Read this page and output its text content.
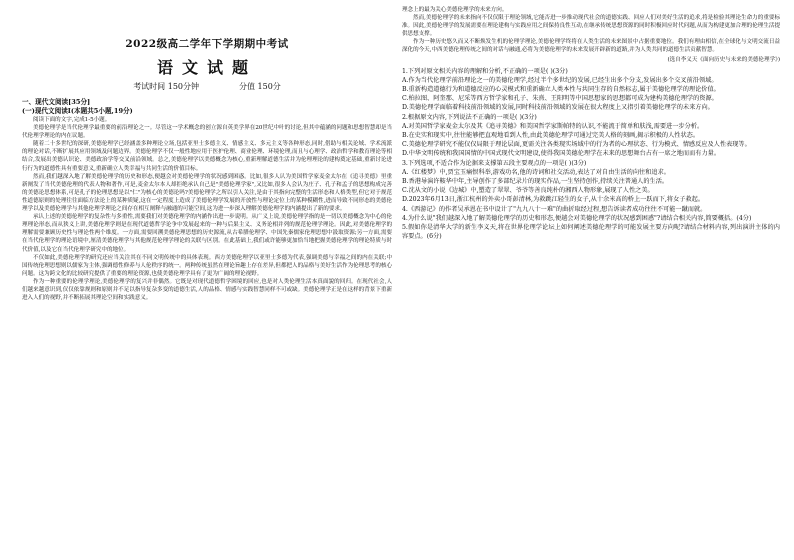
2022级高二学年下学期期中考试
语文试题
考试时间 150分钟	分值 150分

一、现代文阅读[35分]

(一)现代文阅读I(本题共5小题,19分)

阅读下面的文字,完成1-5小题。

美德伦理学是当代伦理学最重要的前沿理论之一。尽管这一学术概念的创立源自英美学界在20世纪中叶的讨论,但其中蕴涵的问题和思想智慧却是当代伦理学理论的内在议题。

随着二十多世纪的深研,美德伦理学已经涵盖多种理论立场,包括亚里士多德主义、情感主义、多元主义等各种形态,同时,借助与相关论域、学术流派的理论对话,不断扩展其应用领域及问题边界。美德伦理学不仅一般性地应用于医护伦理、商业伦理、环境伦理,而且与心理学、政治哲学和教育理论等相结合,发展出美德认识论、美德政治学等交叉前沿领域。总之,美德伦理学以美德概念为核心,重新理解道德生活并为伦理理论的建构奠定基础,重新讨论进行行为的道德性具有重要意义,重新确立人类幸福与共同生活的价值目标。

然而,我们越深入地了解美德伦理学的历史和形态,便越会对美德伦理学的状况感到困惑。比如,很多人认为美国哲学家麦金太尔在《追寻美德》里重新阐发了当代美德伦理的代表人物和著作,可是,麦金太尔本人却拒绝承认自己是"美德伦理学家",又比如,很多人会认为庄子、孔子和孟子的思想构成完善的美德论思想体系,可是孔子的伦理思想是以"仁"为核心的美德论吗?美德伦理学之所以引人关注,是由于其指向完整的生活形态和人格类型,但它对于规范性道德原则的处理往往面临方法论上的某种质疑,这在一定程度上造成了美德伦理学发展的开放性与理论定位上的某种模糊性,进而导致不同形态的美德伦理学以及美德伦理学与其他伦理学理论之间存在相互阐释与融通的可能空间,这为进一步深入理解美德伦理学的内涵提出了新的要求。

承认上述的美德伦理学的复杂性与多重性,需要我们对美德伦理学的内涵作出进一步说明。从广义上说,美德伦理学指的是一切以美德概念为中心的伦理理论形态,而从狭义上讲,美德伦理学则是在现代道德哲学论争中发展起来的一种与后果主义、义务论相并列的规范伦理学理论。因此,对美德伦理学的理解需要兼顾历史性与理论性两个维度。一方面,需要回溯美德伦理思想的历史源流,从古希腊伦理学、中国先秦儒家伦理思想中汲取资源;另一方面,需要在当代伦理学的理论语境中,厘清美德伦理学与其他规范伦理学理论的关联与区别。在此基础上,我们或许能够更加恰当地把握美德伦理学的理论特质与时代价值,以及它在当代伦理学研究中的地位。

不仅如此,美德伦理学的研究还应当关注其在不同文明传统中的具体表现。西方美德伦理学以亚里士多德为代表,强调美德与幸福之间的内在关联;中国传统伦理思想则以儒家为主体,强调德性修养与人伦秩序的统一。两种传统虽然在理论旨趣上存在差异,但都把人的品格与美好生活作为伦理思考的核心问题。这为跨文化的比较研究提供了重要的理论资源,也使美德伦理学具有了更为广阔的理论视野。

作为一种重要的伦理学理论,美德伦理学的复兴并非偶然。它既是对现代道德哲学困境的回应,也是对人类伦理生活本真面貌的回归。在现代社会,人们越来越意识到,仅仅依靠规则和原则并不足以指导复杂多变的道德生活,人的品格、情感与实践智慧同样不可或缺。美德伦理学正是在这样的背景下重新进入人们的视野,并不断拓展其理论空间和实践意义。

理念上的最为关心美德伦理学的未来方向。

然而,美德伦理学的未来指向不仅仅限于理论领域,它能否进一步推动现代社会的道德实践、回应人们对美好生活的追求,将是检验其理论生命力的重要标准。因此,美德伦理学的发展需要在理论建构与实践应用之间保持良性互动,在继承传统思想资源的同时积极回应时代问题,从而为构建更加合理的伦理生活提供思想支撑。

作为一种历史悠久而又不断焕发生机的伦理学理论,美德伦理学终将在人类生活的未来图景中占据重要地位。我们有理由相信,在全球化与文明交流日益深化的今天,中西美德伦理传统之间的对话与融通,必将为美德伦理学的未来发展开辟新的道路,并为人类共同的道德生活贡献智慧。

(选自李义天《面向历史与未来的美德伦理学》)

1.下列对原文相关内容的理解和分析,不正确的一项是( )(3分)

A.作为当代伦理学前沿理论之一的美德伦理学,经过半个多世纪的发展,已经生出多个分支,发展出多个交叉前沿领域。

B.重新构造道德行为和道德反应的心灵模式和重新确立人类本性与共同生存的自然标志,属于美德伦理学的理论价值。

C.柏拉图、阿奎那、尼采等西方哲学家和孔子、朱熹、王阳明等中国思想家的思想都可成为建构美德伦理学的资源。

D.美德伦理学面临着科技前沿领域的发展,同时科技前沿领域的发展在很大程度上又指引着美德伦理学的未来方向。

2.根据原文内容,下列说法不正确的一项是( )(3分)

A.对美国哲学家麦金太尔及其《追寻美德》和美国哲学家斯帕特的认识,不能流于简单和肤浅,需要进一步分析。

B.在史实和现实中,往往能够把直观地看到人性,由此美德伦理学可通过完美人格的刻画,揭示积极的人性状态。

C.美德伦理学研究不能仅仅局限于理论层面,更需关注各类现实场域中的行为者的心理状态、行为模式、情感反应及人性表现等。

D.中华文明传统和我国国情的中国式现代文明建设,使得我国美德伦理学在未来的思想舞台占有一席之地而而有力量。

3.下列选项,不适合作为论据来支撑第五段主要观点的一项是( )(3分)

A.《红楼梦》中,贾宝玉痛恨科举,游戏功名,他的诗词和社交活动,表达了对自由生活的向往和追求。

B.香港导演许鞍华中年,主导创作了多部纪录片的现实作品,一生坚持创作,持续关注普通人的生活。

C.沈从文的小说《边城》中,塑造了翠翠、爷爷等善良纯朴的湘西人物形象,展现了人性之美。

D.2023年6月13日,浙江杭州的外卖小哥彭清林,为救跳江轻生的女子,从十余米高的桥上一跃而下,将女子救起。

4.《西游记》的作者吴承恩在书中设计了"九九八十一难"的曲折取经过程,想告诉读者成功往往不可能一蹴而就。

4.为什么说"我们越深入地了解美德伦理学的历史和形态,便越会对美德伦理学的状况感到困惑"?请结合相关内容,简要概括。(4分)

5.假如你是清华大学的新生李义天,将在世界伦理学论坛上如何阐述美德伦理学的可能发展主要方向呢?请结合材料内容,列出演讲主体的内容要点。(6分)
